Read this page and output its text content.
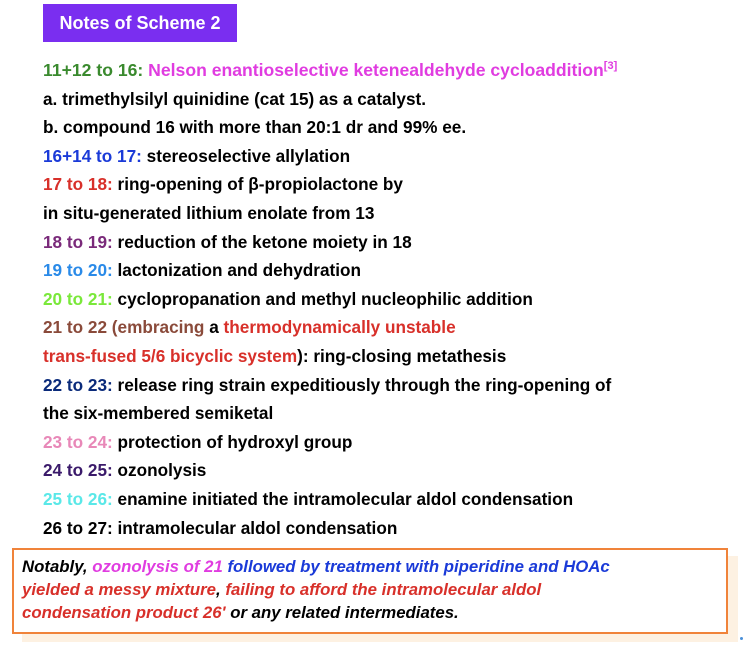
Notes of Scheme 2
11+12 to 16: Nelson enantioselective ketenealdehyde cycloaddition[3]
a. trimethylsilyl quinidine (cat 15) as a catalyst.
b. compound 16 with more than 20:1 dr and 99% ee.
16+14 to 17: stereoselective allylation
17 to 18: ring-opening of β-propiolactone by
in situ-generated lithium enolate from 13
18 to 19: reduction of the ketone moiety in 18
19 to 20: lactonization and dehydration
20 to 21: cyclopropanation and methyl nucleophilic addition
21 to 22 (embracing a thermodynamically unstable
trans-fused 5/6 bicyclic system): ring-closing metathesis
22 to 23: release ring strain expeditiously through the ring-opening of
the six-membered semiketal
23 to 24: protection of hydroxyl group
24 to 25: ozonolysis
25 to 26: enamine initiated the intramolecular aldol condensation
26 to 27: intramolecular aldol condensation
Notably, ozonolysis of 21 followed by treatment with piperidine and HOAc
yielded a messy mixture, failing to afford the intramolecular aldol
condensation product 26' or any related intermediates.
